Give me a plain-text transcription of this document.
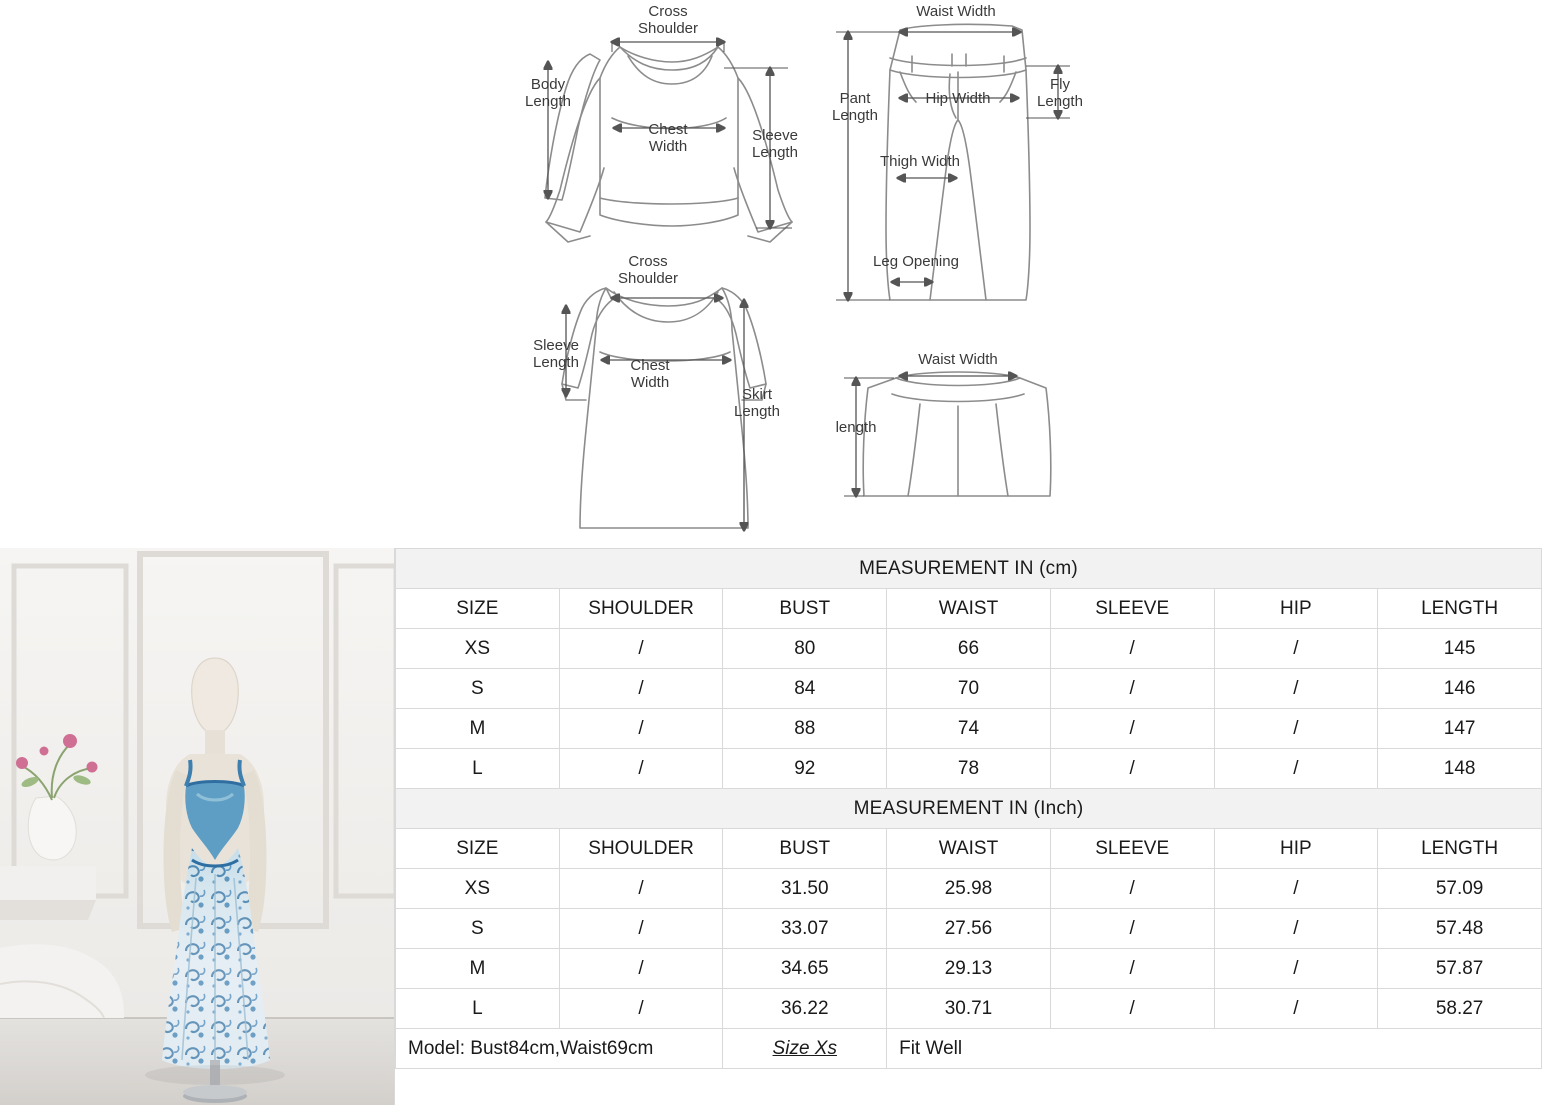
Cross
Shoulder
Body
Length
Chest
Width
Sleeve
Length
Cross
Shoulder
Sleeve
Length	Chest
Width
Skirt
Length
Waist Width
Pant
Length
Hip Width
Fly
Length
Thigh Width
Leg Opening
Waist Width
length
MEASUREMENT IN (cm)						
SIZE	SHOULDER	BUST	WAIST	SLEEVE	HIP	LENGTH
XS	/	80	66	/	/	145
S	/	84	70	/	/	146
M	/	88	74	/	/	147
L	/	92	78	/	/	148
MEASUREMENT IN (Inch)						
SIZE	SHOULDER	BUST	WAIST	SLEEVE	HIP	LENGTH
XS	/	31.50	25.98	/	/	57.09
S	/	33.07	27.56	/	/	57.48
M	/	34.65	29.13	/	/	57.87
L	/	36.22	30.71	/	/	58.27
Model: Bust84cm,Waist69cm		Size Xs	Fit Well			
